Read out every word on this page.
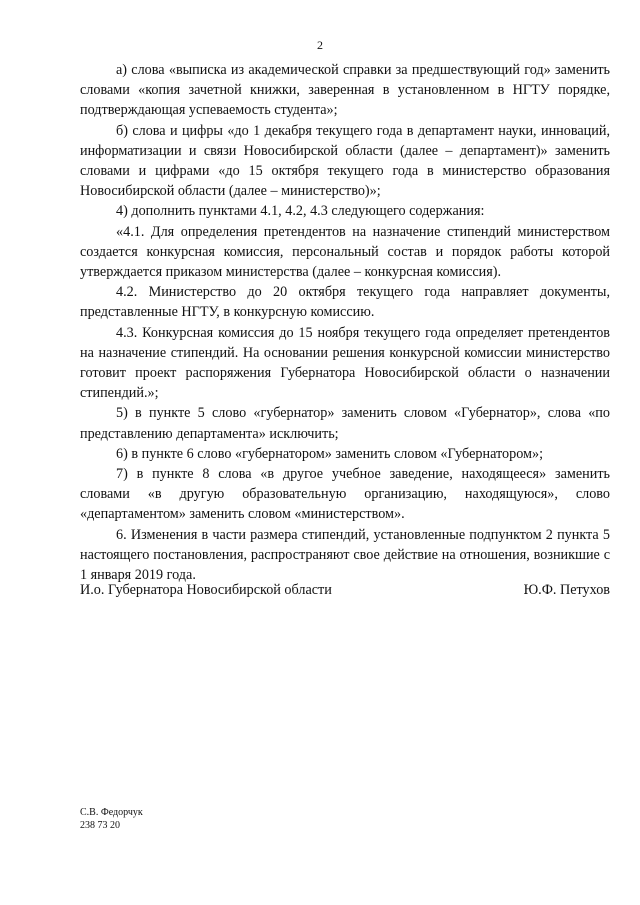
2

а) слова «выписка из академической справки за предшествующий год» заменить словами «копия зачетной книжки, заверенная в установленном в НГТУ порядке, подтверждающая успеваемость студента»;

б) слова и цифры «до 1 декабря текущего года в департамент науки, инноваций, информатизации и связи Новосибирской области (далее – департамент)» заменить словами и цифрами «до 15 октября текущего года в министерство образования Новосибирской области (далее – министерство)»;

4) дополнить пунктами 4.1, 4.2, 4.3 следующего содержания:

«4.1. Для определения претендентов на назначение стипендий министерством создается конкурсная комиссия, персональный состав и порядок работы которой утверждается приказом министерства (далее – конкурсная комиссия).

4.2. Министерство до 20 октября текущего года направляет документы, представленные НГТУ, в конкурсную комиссию.

4.3. Конкурсная комиссия до 15 ноября текущего года определяет претендентов на назначение стипендий. На основании решения конкурсной комиссии министерство готовит проект распоряжения Губернатора Новосибирской области о назначении стипендий.»;

5) в пункте 5 слово «губернатор» заменить словом «Губернатор», слова «по представлению департамента» исключить;

6) в пункте 6 слово «губернатором» заменить словом «Губернатором»;

7) в пункте 8 слова «в другое учебное заведение, находящееся» заменить словами «в другую образовательную организацию, находящуюся», слово «департаментом» заменить словом «министерством».

6. Изменения в части размера стипендий, установленные подпунктом 2 пункта 5 настоящего постановления, распространяют свое действие на отношения, возникшие с 1 января 2019 года.

И.о. Губернатора Новосибирской области	Ю.Ф. Петухов
С.В. Федорчук
238 73 20
